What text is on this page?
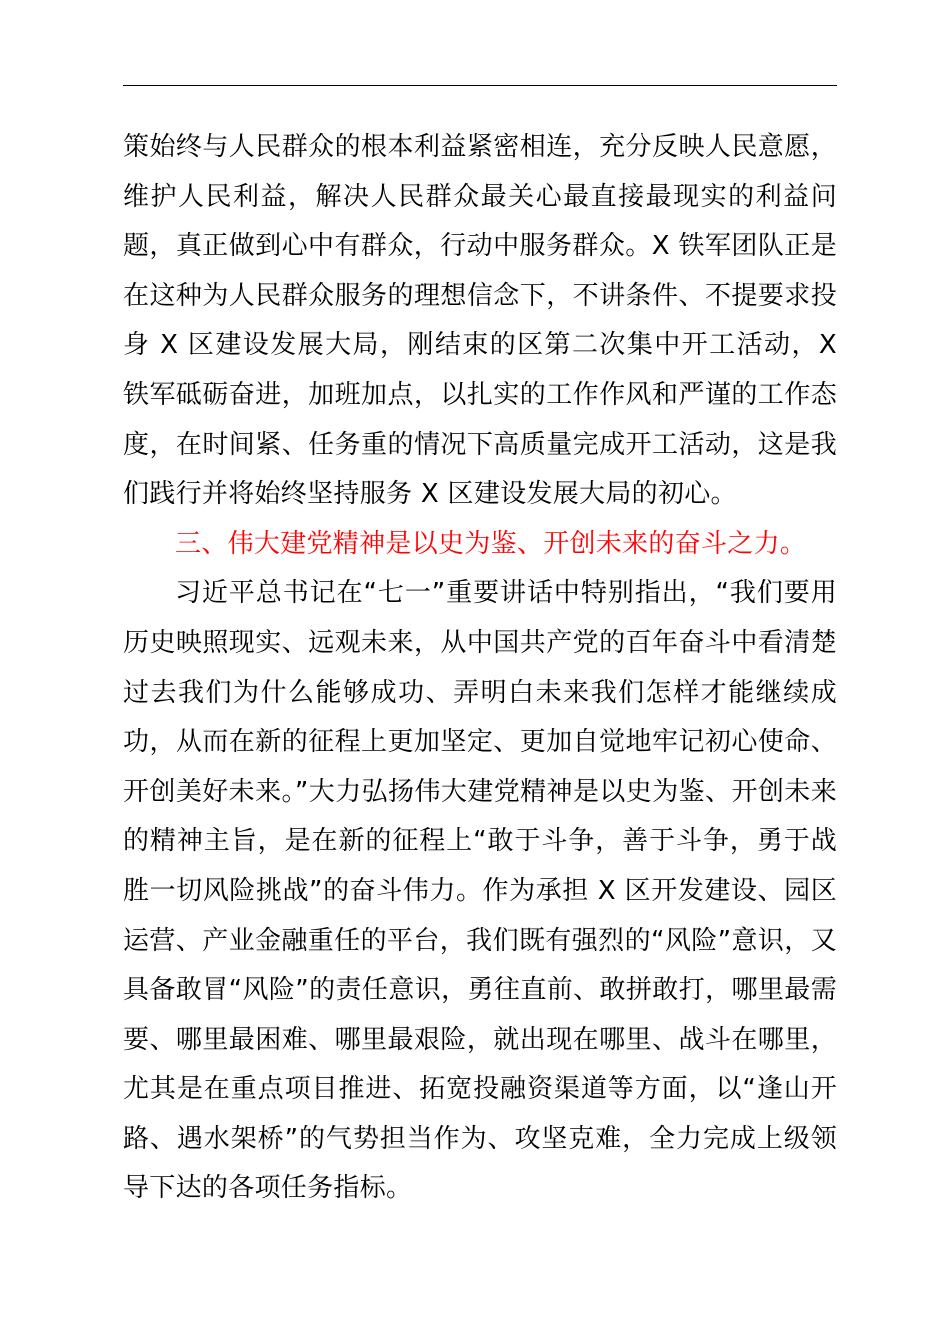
策始终与人民群众的根本利益紧密相连，充分反映人民意愿，维护人民利益，解决人民群众最关心最直接最现实的利益问题，真正做到心中有群众，行动中服务群众。X 铁军团队正是在这种为人民群众服务的理想信念下，不讲条件、不提要求投身 X 区建设发展大局，刚结束的区第二次集中开工活动，X 铁军砥砺奋进，加班加点，以扎实的工作作风和严谨的工作态度，在时间紧、任务重的情况下高质量完成开工活动，这是我们践行并将始终坚持服务 X 区建设发展大局的初心。

三、伟大建党精神是以史为鉴、开创未来的奋斗之力。

习近平总书记在“七一”重要讲话中特别指出，“我们要用历史映照现实、远观未来，从中国共产党的百年奋斗中看清楚过去我们为什么能够成功、弄明白未来我们怎样才能继续成功，从而在新的征程上更加坚定、更加自觉地牢记初心使命、开创美好未来。”大力弘扬伟大建党精神是以史为鉴、开创未来的精神主旨，是在新的征程上“敢于斗争，善于斗争，勇于战胜一切风险挑战”的奋斗伟力。作为承担 X 区开发建设、园区运营、产业金融重任的平台，我们既有强烈的“风险”意识，又具备敢冒“风险”的责任意识，勇往直前、敢拼敢打，哪里最需要、哪里最困难、哪里最艰险，就出现在哪里、战斗在哪里，尤其是在重点项目推进、拓宽投融资渠道等方面，以“逢山开路、遇水架桥”的气势担当作为、攻坚克难，全力完成上级领导下达的各项任务指标。
